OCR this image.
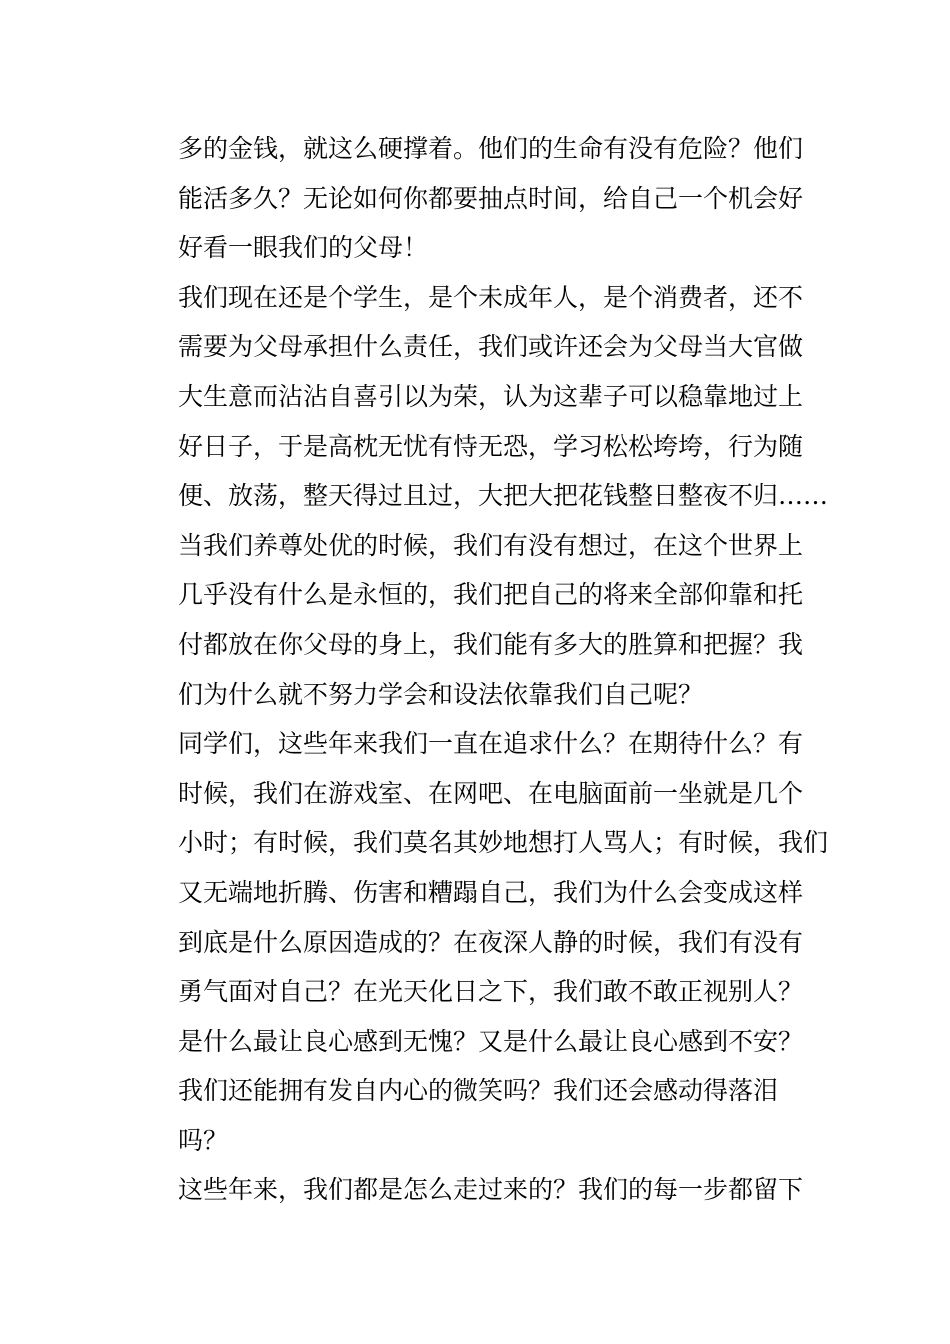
多的金钱，就这么硬撑着。他们的生命有没有危险？他们
能活多久？无论如何你都要抽点时间，给自己一个机会好
好看一眼我们的父母！
我们现在还是个学生，是个未成年人，是个消费者，还不
需要为父母承担什么责任，我们或许还会为父母当大官做
大生意而沾沾自喜引以为荣，认为这辈子可以稳靠地过上
好日子，于是高枕无忧有恃无恐，学习松松垮垮，行为随
便、放荡，整天得过且过，大把大把花钱整日整夜不归……
当我们养尊处优的时候，我们有没有想过，在这个世界上
几乎没有什么是永恒的，我们把自己的将来全部仰靠和托
付都放在你父母的身上，我们能有多大的胜算和把握？我
们为什么就不努力学会和设法依靠我们自己呢？
同学们，这些年来我们一直在追求什么？在期待什么？有
时候，我们在游戏室、在网吧、在电脑面前一坐就是几个
小时；有时候，我们莫名其妙地想打人骂人；有时候，我们
又无端地折腾、伤害和糟蹋自己，我们为什么会变成这样
到底是什么原因造成的？在夜深人静的时候，我们有没有
勇气面对自己？在光天化日之下，我们敢不敢正视别人？
是什么最让良心感到无愧？又是什么最让良心感到不安？
我们还能拥有发自内心的微笑吗？我们还会感动得落泪
吗？
这些年来，我们都是怎么走过来的？我们的每一步都留下
